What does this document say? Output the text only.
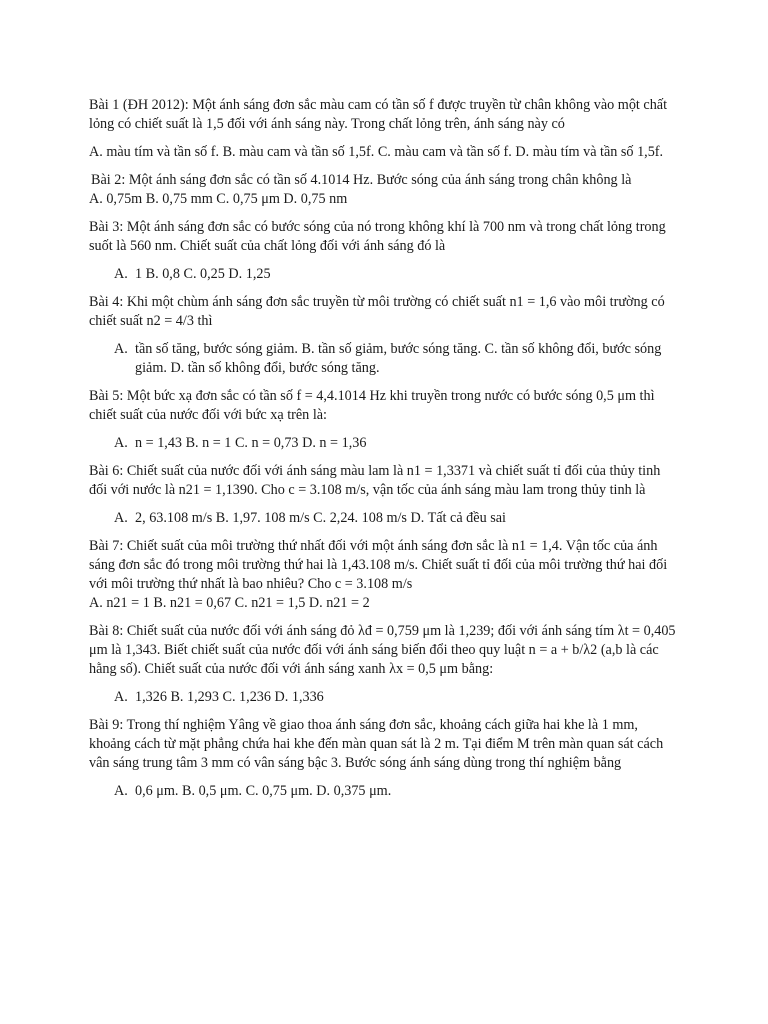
Bài 1 (ĐH 2012): Một ánh sáng đơn sắc màu cam có tần số f được truyền từ chân không vào một chất lỏng có chiết suất là 1,5 đối với ánh sáng này. Trong chất lỏng trên, ánh sáng này có

A. màu tím và tần số f. B. màu cam và tần số 1,5f. C. màu cam và tần số f. D. màu tím và tần số 1,5f.

Bài 2: Một ánh sáng đơn sắc có tần số 4.1014 Hz. Bước sóng của ánh sáng trong chân không là

A. 0,75m B. 0,75 mm C. 0,75 μm D. 0,75 nm

Bài 3: Một ánh sáng đơn sắc có bước sóng của nó trong không khí là 700 nm và trong chất lỏng trong suốt là 560 nm. Chiết suất của chất lỏng đối với ánh sáng đó là

A. 1 B. 0,8 C. 0,25 D. 1,25

Bài 4: Khi một chùm ánh sáng đơn sắc truyền từ môi trường có chiết suất n1 = 1,6 vào môi trường có chiết suất n2 = 4/3 thì

A. tần số tăng, bước sóng giảm. B. tần số giảm, bước sóng tăng. C. tần số không đổi, bước sóng giảm. D. tần số không đổi, bước sóng tăng.

Bài 5: Một bức xạ đơn sắc có tần số f = 4,4.1014 Hz khi truyền trong nước có bước sóng 0,5 μm thì chiết suất của nước đối với bức xạ trên là:

A. n = 1,43 B. n = 1 C. n = 0,73 D. n = 1,36

Bài 6: Chiết suất của nước đối với ánh sáng màu lam là n1 = 1,3371 và chiết suất tỉ đối của thủy tinh đối với nước là n21 = 1,1390. Cho c = 3.108 m/s, vận tốc của ánh sáng màu lam trong thủy tinh là

A. 2, 63.108 m/s B. 1,97. 108 m/s C. 2,24. 108 m/s D. Tất cả đều sai

Bài 7: Chiết suất của môi trường thứ nhất đối với một ánh sáng đơn sắc là n1 = 1,4. Vận tốc của ánh sáng đơn sắc đó trong môi trường thứ hai là 1,43.108 m/s. Chiết suất tỉ đối của môi trường thứ hai đối với môi trường thứ nhất là bao nhiêu? Cho c = 3.108 m/s

A. n21 = 1 B. n21 = 0,67 C. n21 = 1,5 D. n21 = 2

Bài 8: Chiết suất của nước đối với ánh sáng đỏ λđ = 0,759 μm là 1,239; đối với ánh sáng tím λt = 0,405 μm là 1,343. Biết chiết suất của nước đối với ánh sáng biến đổi theo quy luật n = a + b/λ2 (a,b là các hằng số). Chiết suất của nước đối với ánh sáng xanh λx = 0,5 μm bằng:

A. 1,326 B. 1,293 C. 1,236 D. 1,336

Bài 9: Trong thí nghiệm Yâng về giao thoa ánh sáng đơn sắc, khoảng cách giữa hai khe là 1 mm, khoảng cách từ mặt phẳng chứa hai khe đến màn quan sát là 2 m. Tại điểm M trên màn quan sát cách vân sáng trung tâm 3 mm có vân sáng bậc 3. Bước sóng ánh sáng dùng trong thí nghiệm bằng

A. 0,6 μm. B. 0,5 μm. C. 0,75 μm. D. 0,375 μm.
